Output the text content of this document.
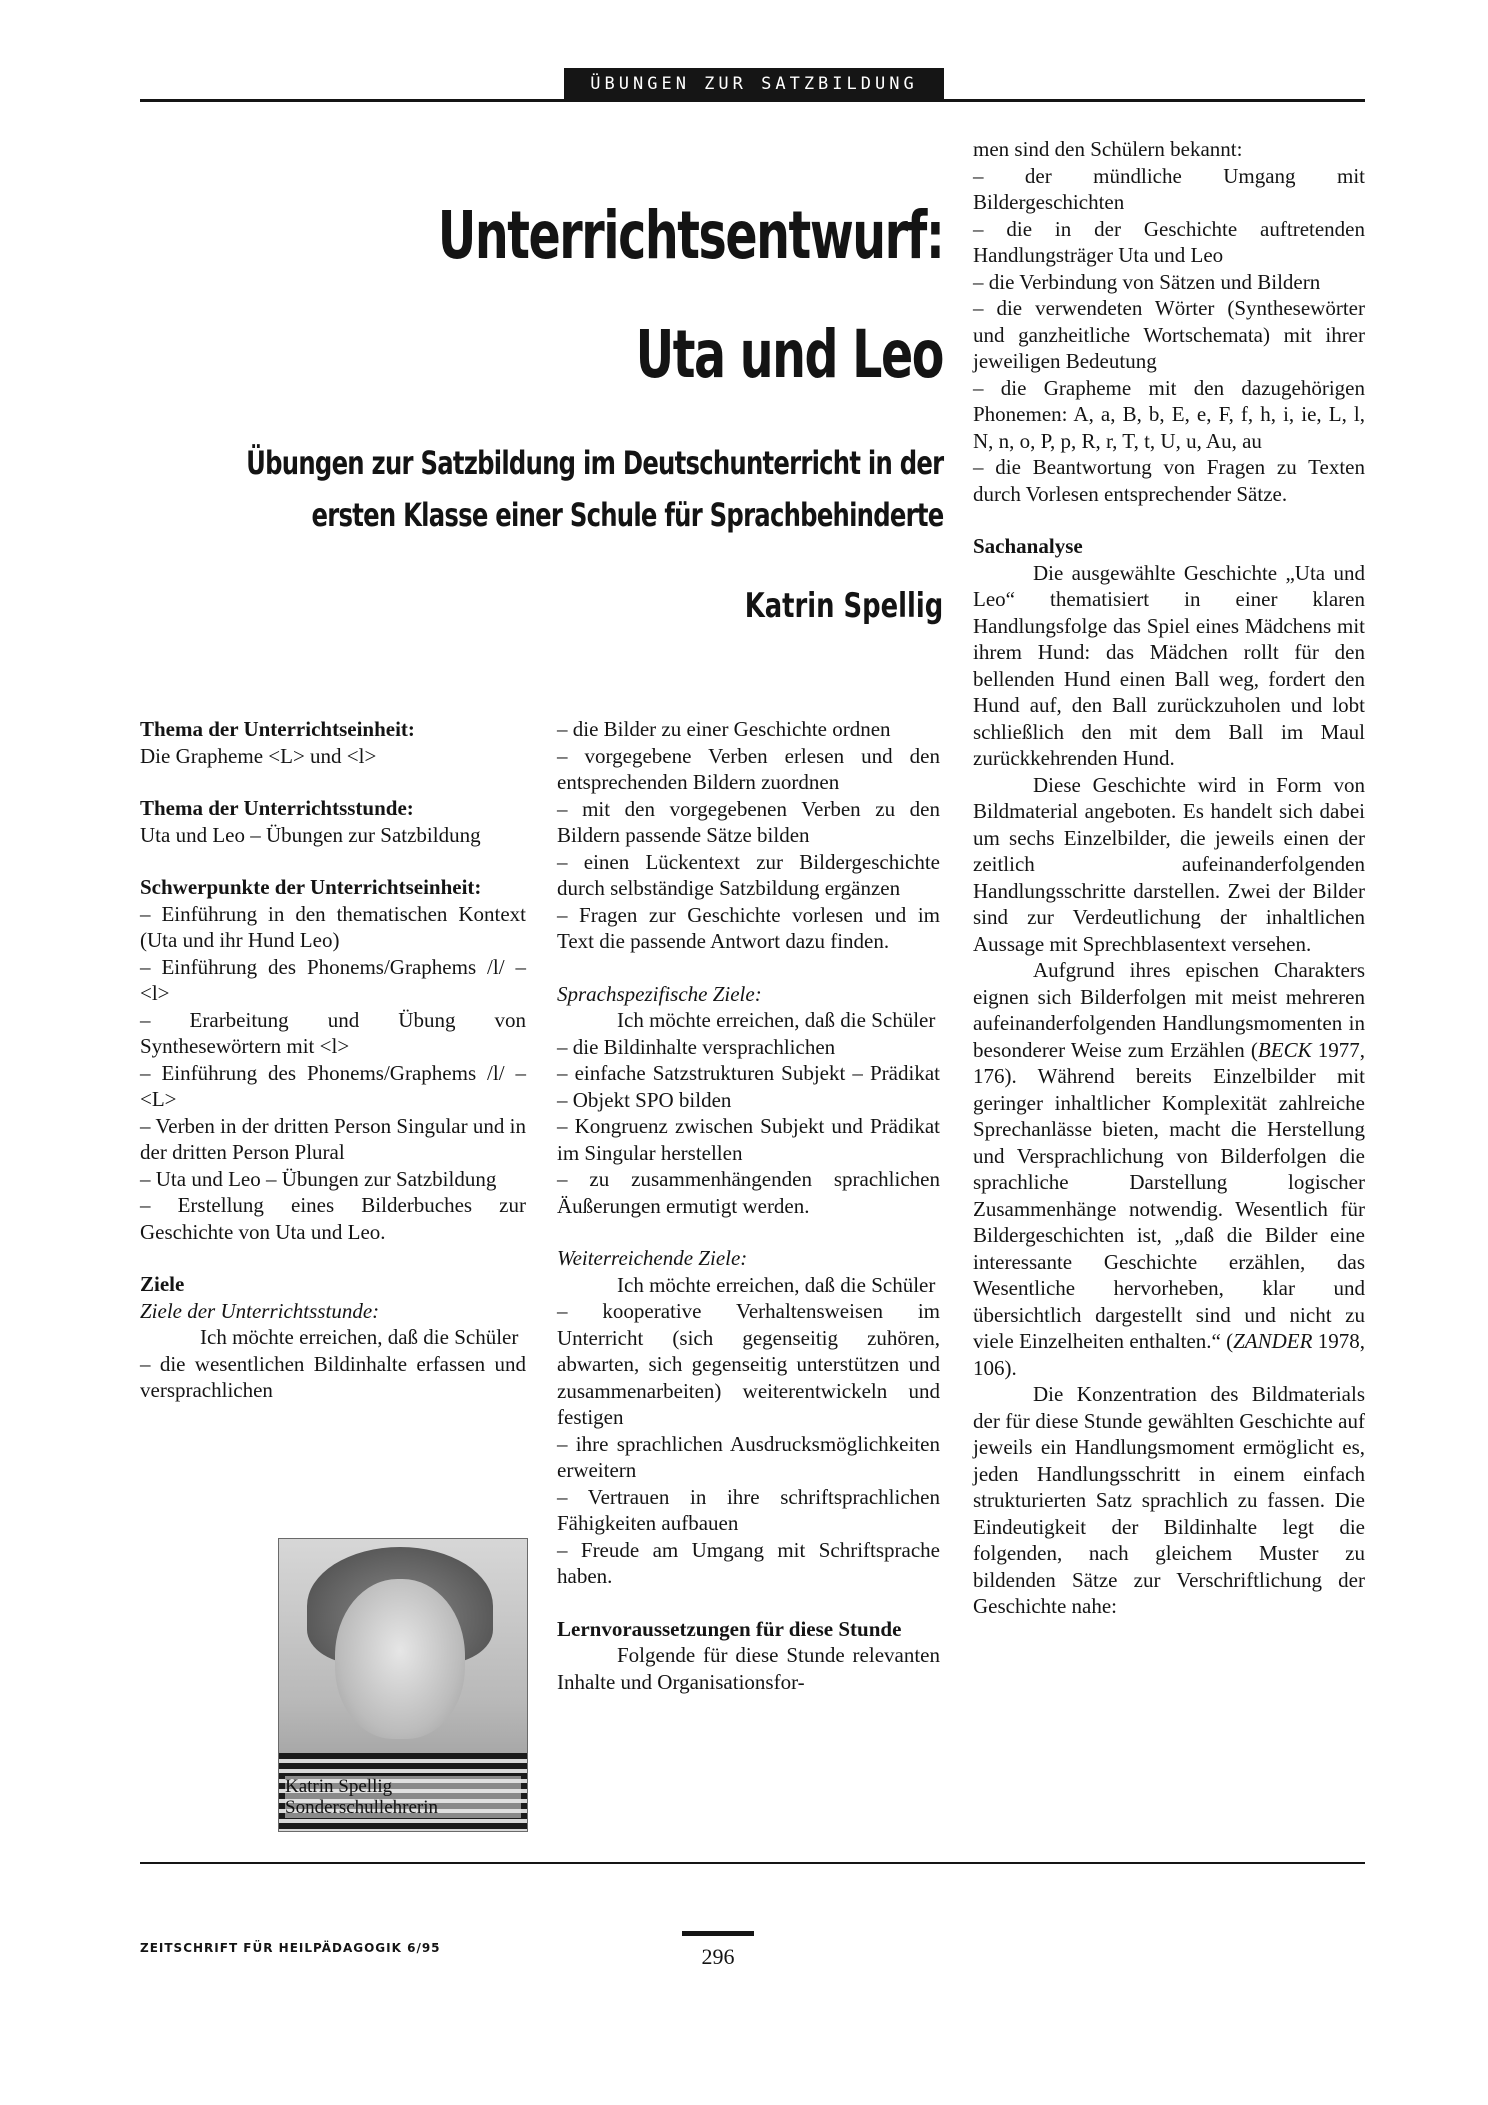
ÜBUNGEN ZUR SATZBILDUNG
Unterrichtsentwurf:
Uta und Leo
Übungen zur Satzbildung im Deutschunterricht in der
ersten Klasse einer Schule für Sprachbehinderte

Katrin Spellig

Thema der Unterrichtseinheit:

Die Grapheme <L> und <l>

Thema der Unterrichtsstunde:

Uta und Leo – Übungen zur Satzbildung

Schwerpunkte der Unterrichtseinheit:

– Einführung in den thematischen Kontext (Uta und ihr Hund Leo)

– Einführung des Phonems/Graphems /l/ – <l>

– Erarbeitung und Übung von Synthesewörtern mit <l>

– Einführung des Phonems/Graphems /l/ – <L>

– Verben in der dritten Person Singular und in der dritten Person Plural

– Uta und Leo – Übungen zur Satzbildung

– Erstellung eines Bilderbuches zur Geschichte von Uta und Leo.

Ziele

Ziele der Unterrichtsstunde:

Ich möchte erreichen, daß die Schüler

– die wesentlichen Bildinhalte erfassen und versprachlichen

Katrin Spellig
Sonderschullehrerin

– die Bilder zu einer Geschichte ordnen

– vorgegebene Verben erlesen und den entsprechenden Bildern zuordnen

– mit den vorgegebenen Verben zu den Bildern passende Sätze bilden

– einen Lückentext zur Bildergeschichte durch selbständige Satzbildung ergänzen

– Fragen zur Geschichte vorlesen und im Text die passende Antwort dazu finden.

Sprachspezifische Ziele:

Ich möchte erreichen, daß die Schüler

– die Bildinhalte versprachlichen

– einfache Satzstrukturen Subjekt – Prädikat – Objekt SPO bilden

– Kongruenz zwischen Subjekt und Prädikat im Singular herstellen

– zu zusammenhängenden sprachlichen Äußerungen ermutigt werden.

Weiterreichende Ziele:

Ich möchte erreichen, daß die Schüler

– kooperative Verhaltensweisen im Unterricht (sich gegenseitig zuhören, abwarten, sich gegenseitig unterstützen und zusammenarbeiten) weiterentwickeln und festigen

– ihre sprachlichen Ausdrucksmöglichkeiten erweitern

– Vertrauen in ihre schriftsprachlichen Fähigkeiten aufbauen

– Freude am Umgang mit Schriftsprache haben.

Lernvoraussetzungen für diese Stunde

Folgende für diese Stunde relevanten Inhalte und Organisationsfor-

men sind den Schülern bekannt:

– der mündliche Umgang mit Bildergeschichten

– die in der Geschichte auftretenden Handlungsträger Uta und Leo

– die Verbindung von Sätzen und Bildern

– die verwendeten Wörter (Synthesewörter und ganzheitliche Wortschemata) mit ihrer jeweiligen Bedeutung

– die Grapheme mit den dazugehörigen Phonemen: A, a, B, b, E, e, F, f, h, i, ie, L, l, N, n, o, P, p, R, r, T, t, U, u, Au, au

– die Beantwortung von Fragen zu Texten durch Vorlesen entsprechender Sätze.

Sachanalyse

Die ausgewählte Geschichte „Uta und Leo“ thematisiert in einer klaren Handlungsfolge das Spiel eines Mädchens mit ihrem Hund: das Mädchen rollt für den bellenden Hund einen Ball weg, fordert den Hund auf, den Ball zurückzuholen und lobt schließlich den mit dem Ball im Maul zurückkehrenden Hund.

Diese Geschichte wird in Form von Bildmaterial angeboten. Es handelt sich dabei um sechs Einzelbilder, die jeweils einen der zeitlich aufeinanderfolgenden Handlungsschritte darstellen. Zwei der Bilder sind zur Verdeutlichung der inhaltlichen Aussage mit Sprechblasentext versehen.

Aufgrund ihres epischen Charakters eignen sich Bilderfolgen mit meist mehreren aufeinanderfolgenden Handlungsmomenten in besonderer Weise zum Erzählen (BECK 1977, 176). Während bereits Einzelbilder mit geringer inhaltlicher Komplexität zahlreiche Sprechanlässe bieten, macht die Herstellung und Versprachlichung von Bilderfolgen die sprachliche Darstellung logischer Zusammenhänge notwendig. Wesentlich für Bildergeschichten ist, „daß die Bilder eine interessante Geschichte erzählen, das Wesentliche hervorheben, klar und übersichtlich dargestellt sind und nicht zu viele Einzelheiten enthalten.“ (ZANDER 1978, 106).

Die Konzentration des Bildmaterials der für diese Stunde gewählten Geschichte auf jeweils ein Handlungsmoment ermöglicht es, jeden Handlungsschritt in einem einfach strukturierten Satz sprachlich zu fassen. Die Eindeutigkeit der Bildinhalte legt die folgenden, nach gleichem Muster zu bildenden Sätze zur Verschriftlichung der Geschichte nahe:

ZEITSCHRIFT FÜR HEILPÄDAGOGIK 6/95	296
